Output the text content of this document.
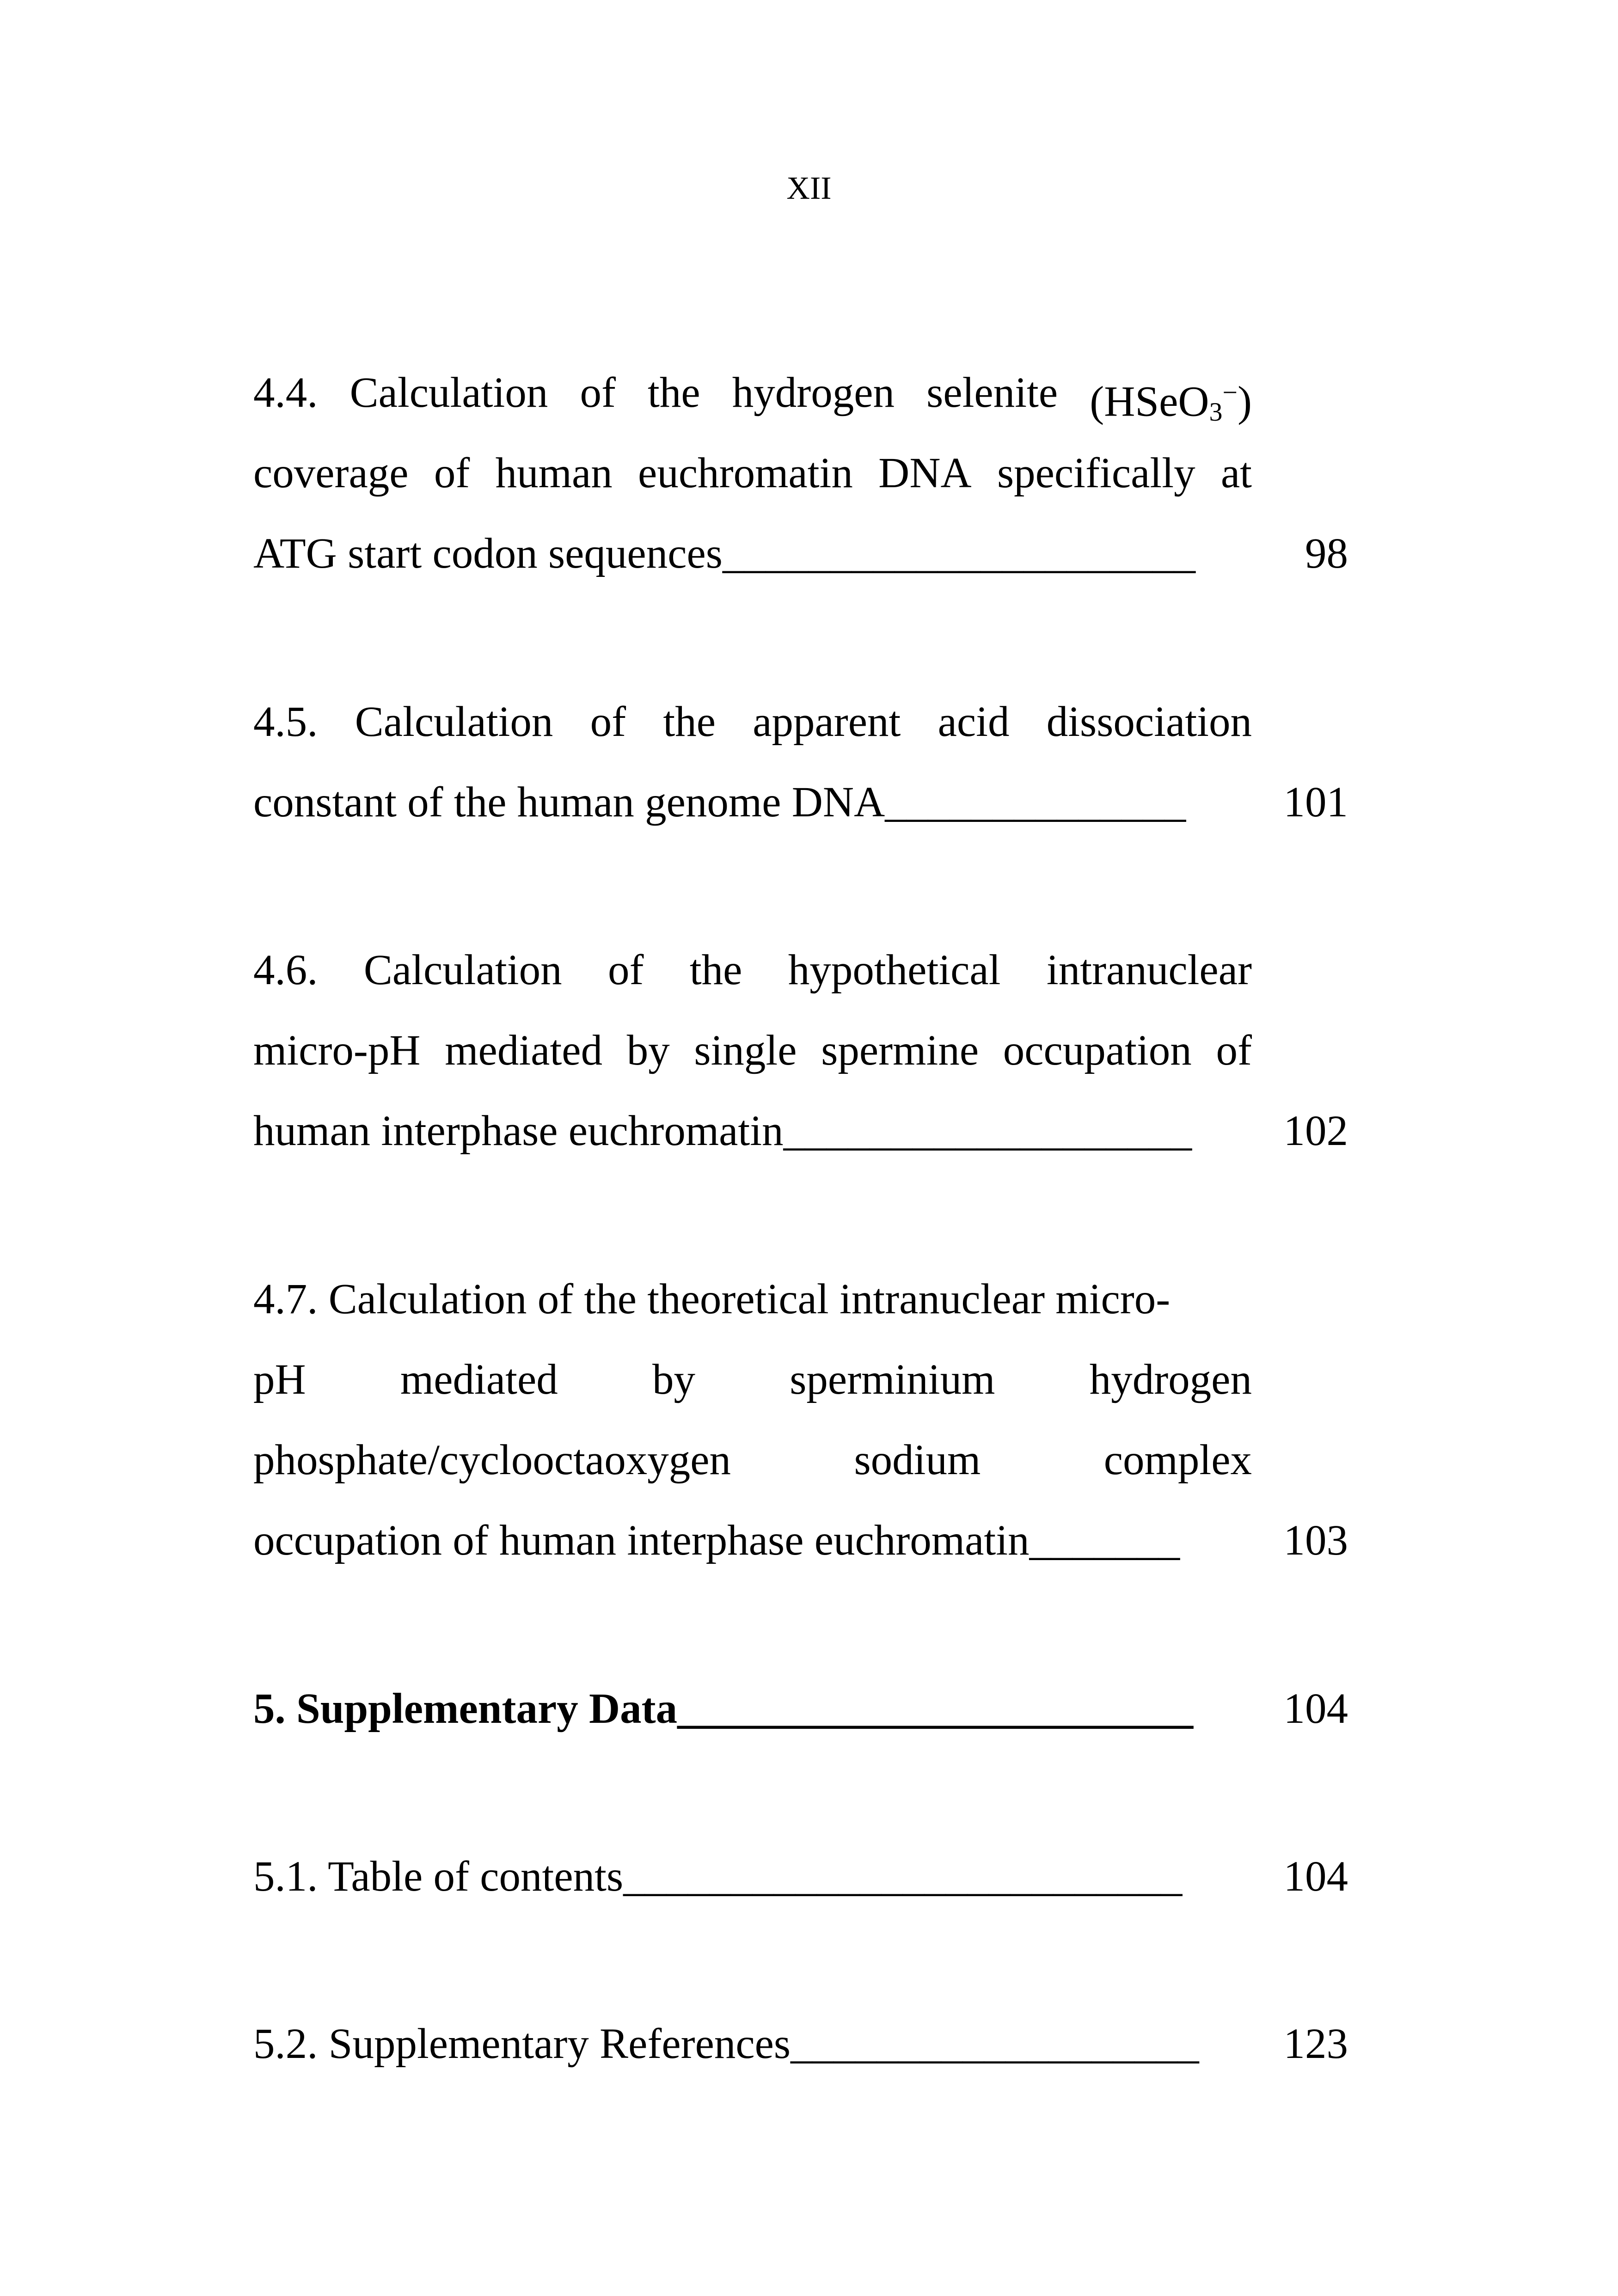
XII
4.4. Calculation of the hydrogen selenite (HSeO$_3$−)
coverage of human euchromatin DNA specifically at
ATG start codon sequences ______________________	98
4.5. Calculation of the apparent acid dissociation
constant of the human genome DNA ______________	101
4.6. Calculation of the hypothetical intranuclear
micro-pH mediated by single spermine occupation of
human interphase euchromatin ___________________	102
4.7. Calculation of the theoretical intranuclear micro-
pH mediated by sperminium hydrogen
phosphate/cyclooctaoxygen	sodium	complex
occupation of human interphase euchromatin _______	103
5. Supplementary Data ________________________	104
5.1. Table of contents __________________________	104
5.2. Supplementary References ___________________	123
